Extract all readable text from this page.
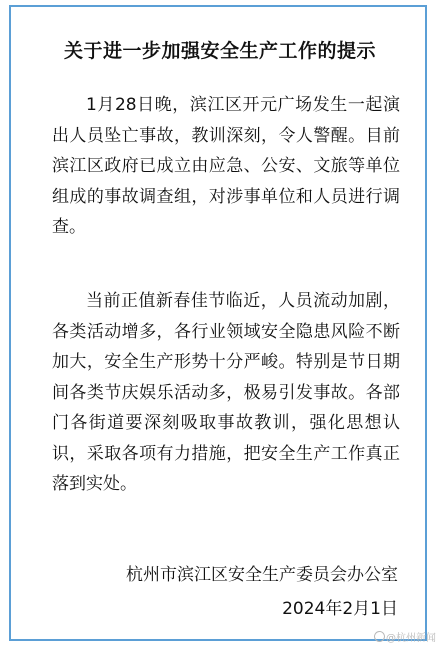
关于进一步加强安全生产工作的提示

1月28日晚，滨江区开元广场发生一起演出人员坠亡事故，教训深刻，令人警醒。目前滨江区政府已成立由应急、公安、文旅等单位组成的事故调查组，对涉事单位和人员进行调查。

当前正值新春佳节临近，人员流动加剧，各类活动增多，各行业领域安全隐患风险不断加大，安全生产形势十分严峻。特别是节日期间各类节庆娱乐活动多，极易引发事故。各部门各街道要深刻吸取事故教训，强化思想认识，采取各项有力措施，把安全生产工作真正落到实处。

杭州市滨江区安全生产委员会办公室
2024年2月1日
@杭州新闻
